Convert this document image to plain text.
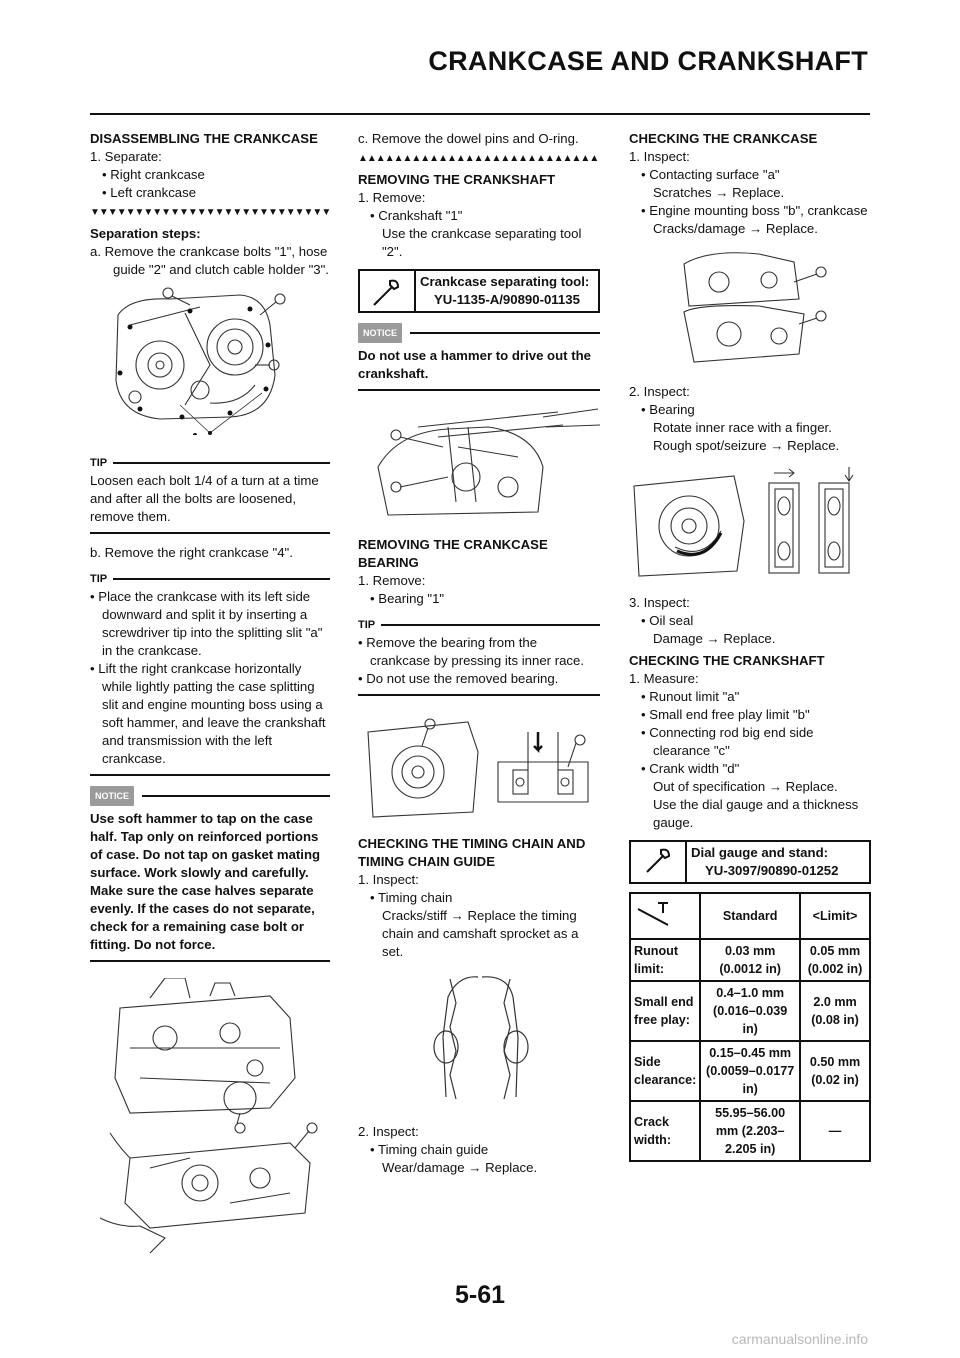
CRANKCASE AND CRANKSHAFT

DISASSEMBLING THE CRANKCASE

1. Separate:

• Right crankcase

• Left crankcase

▼▼▼▼▼▼▼▼▼▼▼▼▼▼▼▼▼▼▼▼▼▼▼▼▼▼▼

Separation steps:

a. Remove the crankcase bolts "1", hose guide "2" and clutch cable holder "3".

TIP

Loosen each bolt 1/4 of a turn at a time and after all the bolts are loosened, remove them.

b. Remove the right crankcase "4".

TIP

• Place the crankcase with its left side downward and split it by inserting a screwdriver tip into the splitting slit "a" in the crankcase.

• Lift the right crankcase horizontally while lightly patting the case splitting slit and engine mounting boss using a soft hammer, and leave the crankshaft and transmission with the left crankcase.

NOTICE

Use soft hammer to tap on the case half. Tap only on reinforced portions of case. Do not tap on gasket mating surface. Work slowly and carefully. Make sure the case halves separate evenly. If the cases do not separate, check for a remaining case bolt or fitting. Do not force.

c. Remove the dowel pins and O-ring.

▲▲▲▲▲▲▲▲▲▲▲▲▲▲▲▲▲▲▲▲▲▲▲▲▲▲▲

REMOVING THE CRANKSHAFT

1. Remove:

• Crankshaft "1"

Use the crankcase separating tool "2".

Crankcase separating tool:
YU-1135-A/90890-01135
NOTICE

Do not use a hammer to drive out the crankshaft.

REMOVING THE CRANKCASE BEARING

1. Remove:

• Bearing "1"

TIP

• Remove the bearing from the crankcase by pressing its inner race.

• Do not use the removed bearing.

CHECKING THE TIMING CHAIN AND TIMING CHAIN GUIDE

1. Inspect:

• Timing chain

Cracks/stiff → Replace the timing chain and camshaft sprocket as a set.

2. Inspect:

• Timing chain guide

Wear/damage → Replace.

CHECKING THE CRANKCASE

1. Inspect:

• Contacting surface "a"

Scratches → Replace.

• Engine mounting boss "b", crankcase

Cracks/damage → Replace.

2. Inspect:

• Bearing

Rotate inner race with a finger.

Rough spot/seizure → Replace.

3. Inspect:

• Oil seal

Damage → Replace.

CHECKING THE CRANKSHAFT

1. Measure:

• Runout limit "a"

• Small end free play limit "b"

• Connecting rod big end side clearance "c"

• Crank width "d"

Out of specification → Replace.

Use the dial gauge and a thickness gauge.

Dial gauge and stand:
YU-3097/90890-01252
	Standard	<Limit>
Runout limit:	0.03 mm (0.0012 in)	0.05 mm (0.002 in)
Small end free play:	0.4–1.0 mm (0.016–0.039 in)	2.0 mm (0.08 in)
Side clearance:	0.15–0.45 mm (0.0059–0.0177 in)	0.50 mm (0.02 in)
Crack width:	55.95–56.00 mm (2.203–2.205 in)	—
5-61
carmanualsonline.info
